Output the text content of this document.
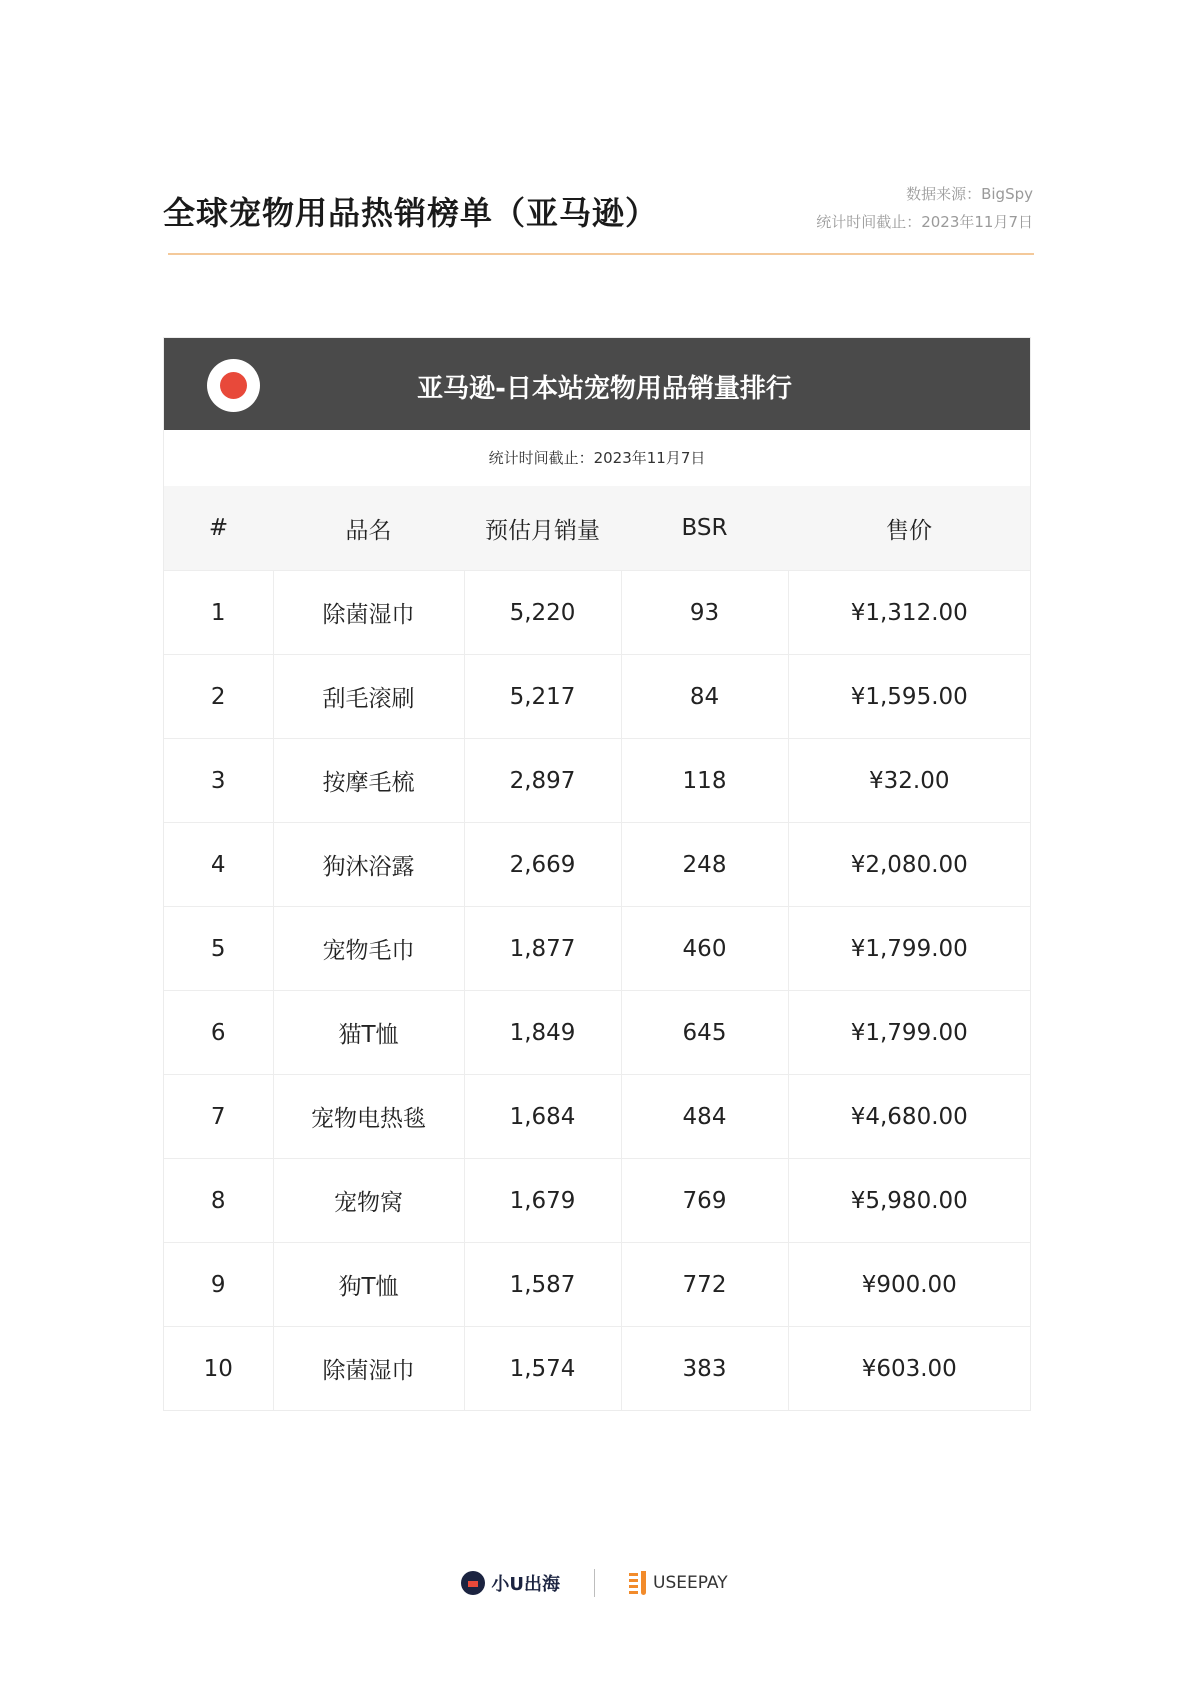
全球宠物用品热销榜单（亚马逊）	数据来源：BigSpy
统计时间截止：2023年11月7日
亚马逊-日本站宠物用品销量排行
统计时间截止：2023年11月7日
#	品名	预估月销量	BSR	售价
1	除菌湿巾	5,220	93	¥1,312.00
2	刮毛滚刷	5,217	84	¥1,595.00
3	按摩毛梳	2,897	118	¥32.00
4	狗沐浴露	2,669	248	¥2,080.00
5	宠物毛巾	1,877	460	¥1,799.00
6	猫T恤	1,849	645	¥1,799.00
7	宠物电热毯	1,684	484	¥4,680.00
8	宠物窝	1,679	769	¥5,980.00
9	狗T恤	1,587	772	¥900.00
10	除菌湿巾	1,574	383	¥603.00
小U出海	USEEPAY
